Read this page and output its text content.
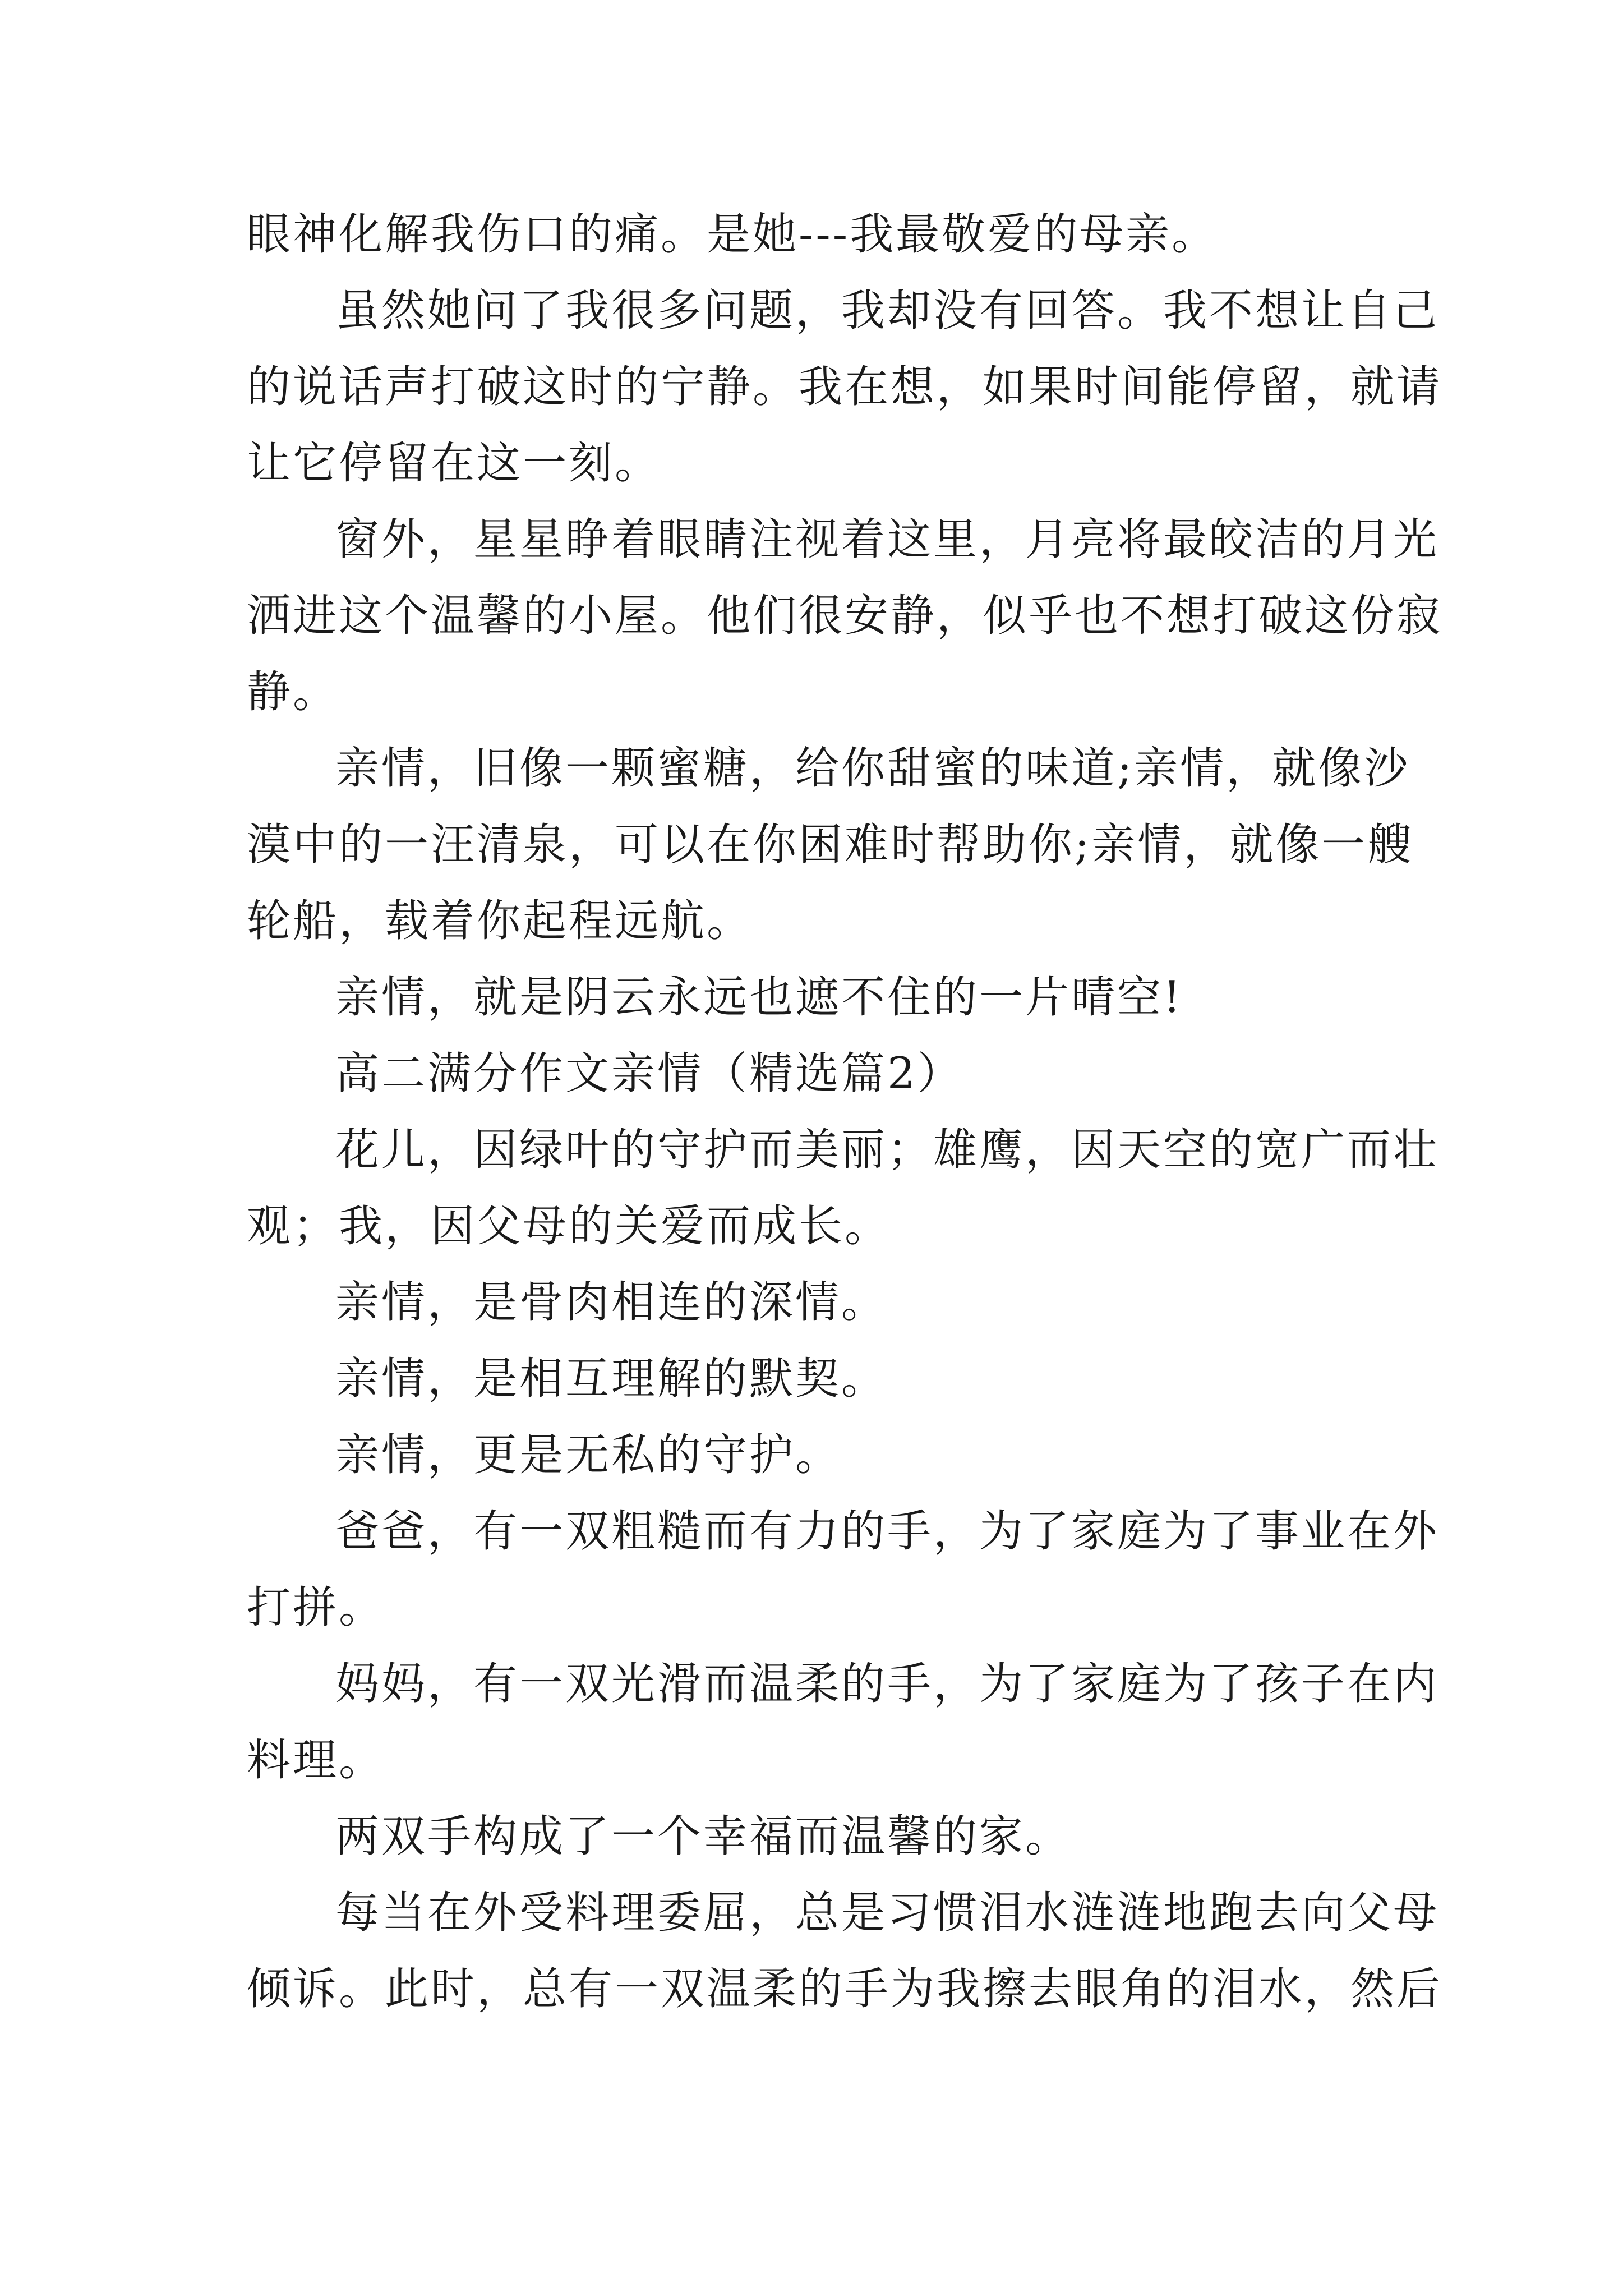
眼神化解我伤口的痛。是她---我最敬爱的母亲。
虽然她问了我很多问题，我却没有回答。我不想让自己
的说话声打破这时的宁静。我在想，如果时间能停留，就请
让它停留在这一刻。
窗外，星星睁着眼睛注视着这里，月亮将最皎洁的月光
洒进这个温馨的小屋。他们很安静，似乎也不想打破这份寂
静。
亲情，旧像一颗蜜糖，给你甜蜜的味道;亲情，就像沙
漠中的一汪清泉，可以在你困难时帮助你;亲情，就像一艘
轮船，载着你起程远航。
亲情，就是阴云永远也遮不住的一片晴空!
高二满分作文亲情（精选篇2）
花儿，因绿叶的守护而美丽；雄鹰，因天空的宽广而壮
观；我，因父母的关爱而成长。
亲情，是骨肉相连的深情。
亲情，是相互理解的默契。
亲情，更是无私的守护。
爸爸，有一双粗糙而有力的手，为了家庭为了事业在外
打拼。
妈妈，有一双光滑而温柔的手，为了家庭为了孩子在内
料理。
两双手构成了一个幸福而温馨的家。
每当在外受料理委屈，总是习惯泪水涟涟地跑去向父母
倾诉。此时，总有一双温柔的手为我擦去眼角的泪水，然后
